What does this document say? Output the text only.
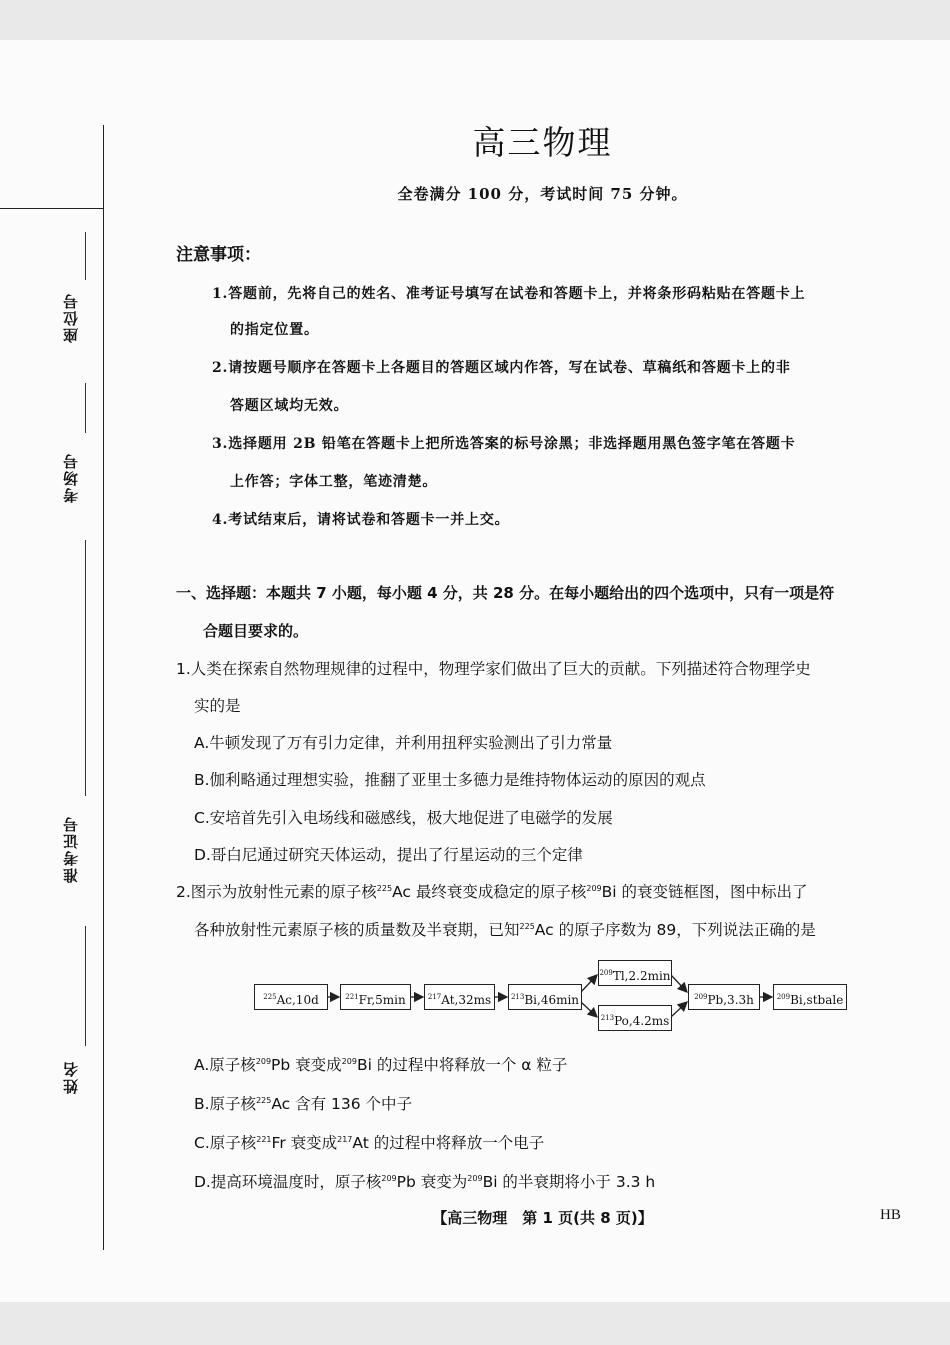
座位号
考场号
准考证号
姓名
高三物理
全卷满分 100 分，考试时间 75 分钟。
注意事项：
1.答题前，先将自己的姓名、准考证号填写在试卷和答题卡上，并将条形码粘贴在答题卡上
的指定位置。
2.请按题号顺序在答题卡上各题目的答题区域内作答，写在试卷、草稿纸和答题卡上的非
答题区域均无效。
3.选择题用 2B 铅笔在答题卡上把所选答案的标号涂黑；非选择题用黑色签字笔在答题卡
上作答；字体工整，笔迹清楚。
4.考试结束后，请将试卷和答题卡一并上交。
一、选择题：本题共 7 小题，每小题 4 分，共 28 分。在每小题给出的四个选项中，只有一项是符
合题目要求的。
1.人类在探索自然物理规律的过程中，物理学家们做出了巨大的贡献。下列描述符合物理学史
实的是
A.牛顿发现了万有引力定律，并利用扭秤实验测出了引力常量
B.伽利略通过理想实验，推翻了亚里士多德力是维持物体运动的原因的观点
C.安培首先引入电场线和磁感线，极大地促进了电磁学的发展
D.哥白尼通过研究天体运动，提出了行星运动的三个定律
2.图示为放射性元素的原子核$^{225}$Ac 最终衰变成稳定的原子核$^{209}$Bi 的衰变链框图，图中标出了
各种放射性元素原子核的质量数及半衰期，已知$^{225}$Ac 的原子序数为 89，下列说法正确的是
$^{225}$Ac,10d	$^{221}$Fr,5min	$^{217}$At,32ms	$^{213}$Bi,46min
$^{209}$Tl,2.2min
$^{213}$Po,4.2ms
$^{209}$Pb,3.3h	$^{209}$Bi,stbale
A.原子核$^{209}$Pb 衰变成$^{209}$Bi 的过程中将释放一个 α 粒子
B.原子核$^{225}$Ac 含有 136 个中子
C.原子核$^{221}$Fr 衰变成$^{217}$At 的过程中将释放一个电子
D.提高环境温度时，原子核$^{209}$Pb 衰变为$^{209}$Bi 的半衰期将小于 3.3 h
【高三物理　第 1 页(共 8 页)】	HB
